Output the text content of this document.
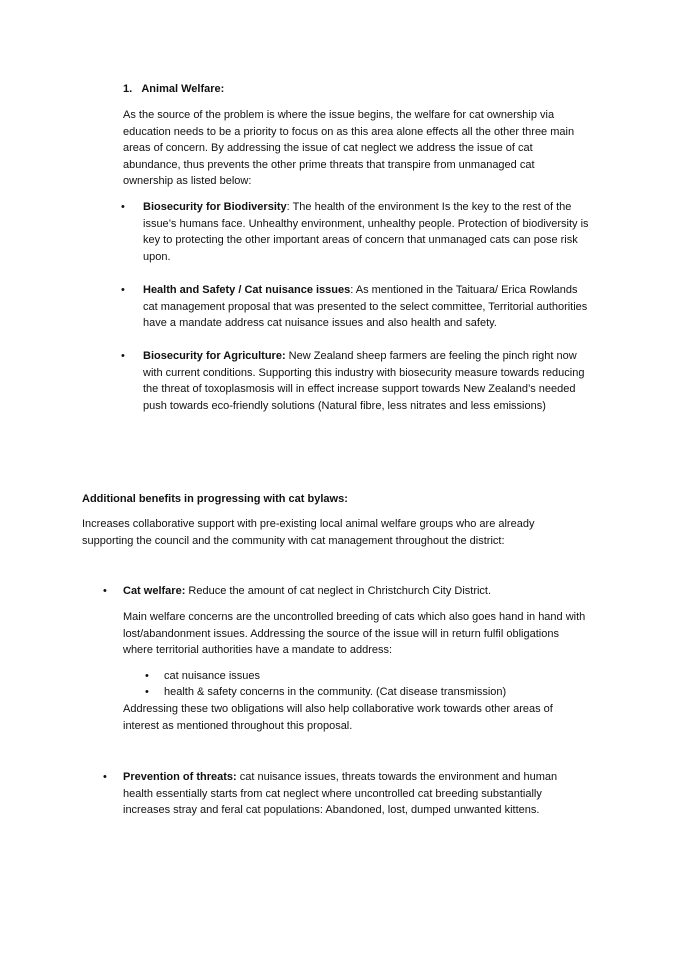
1. Animal Welfare:

As the source of the problem is where the issue begins, the welfare for cat ownership via education needs to be a priority to focus on as this area alone effects all the other three main areas of concern. By addressing the issue of cat neglect we address the issue of cat abundance, thus prevents the other prime threats that transpire from unmanaged cat ownership as listed below:

• Biosecurity for Biodiversity: The health of the environment Is the key to the rest of the issue’s humans face. Unhealthy environment, unhealthy people. Protection of biodiversity is key to protecting the other important areas of concern that unmanaged cats can pose risk upon.

• Health and Safety / Cat nuisance issues: As mentioned in the Taituara/ Erica Rowlands cat management proposal that was presented to the select committee, Territorial authorities have a mandate address cat nuisance issues and also health and safety.

• Biosecurity for Agriculture: New Zealand sheep farmers are feeling the pinch right now with current conditions. Supporting this industry with biosecurity measure towards reducing the threat of toxoplasmosis will in effect increase support towards New Zealand’s needed push towards eco-friendly solutions (Natural fibre, less nitrates and less emissions)

Additional benefits in progressing with cat bylaws:

Increases collaborative support with pre-existing local animal welfare groups who are already supporting the council and the community with cat management throughout the district:

• Cat welfare: Reduce the amount of cat neglect in Christchurch City District.

Main welfare concerns are the uncontrolled breeding of cats which also goes hand in hand with lost/abandonment issues. Addressing the source of the issue will in return fulfil obligations where territorial authorities have a mandate to address:

• cat nuisance issues
• health & safety concerns in the community. (Cat disease transmission)

Addressing these two obligations will also help collaborative work towards other areas of interest as mentioned throughout this proposal.

• Prevention of threats: cat nuisance issues, threats towards the environment and human health essentially starts from cat neglect where uncontrolled cat breeding substantially increases stray and feral cat populations: Abandoned, lost, dumped unwanted kittens.
